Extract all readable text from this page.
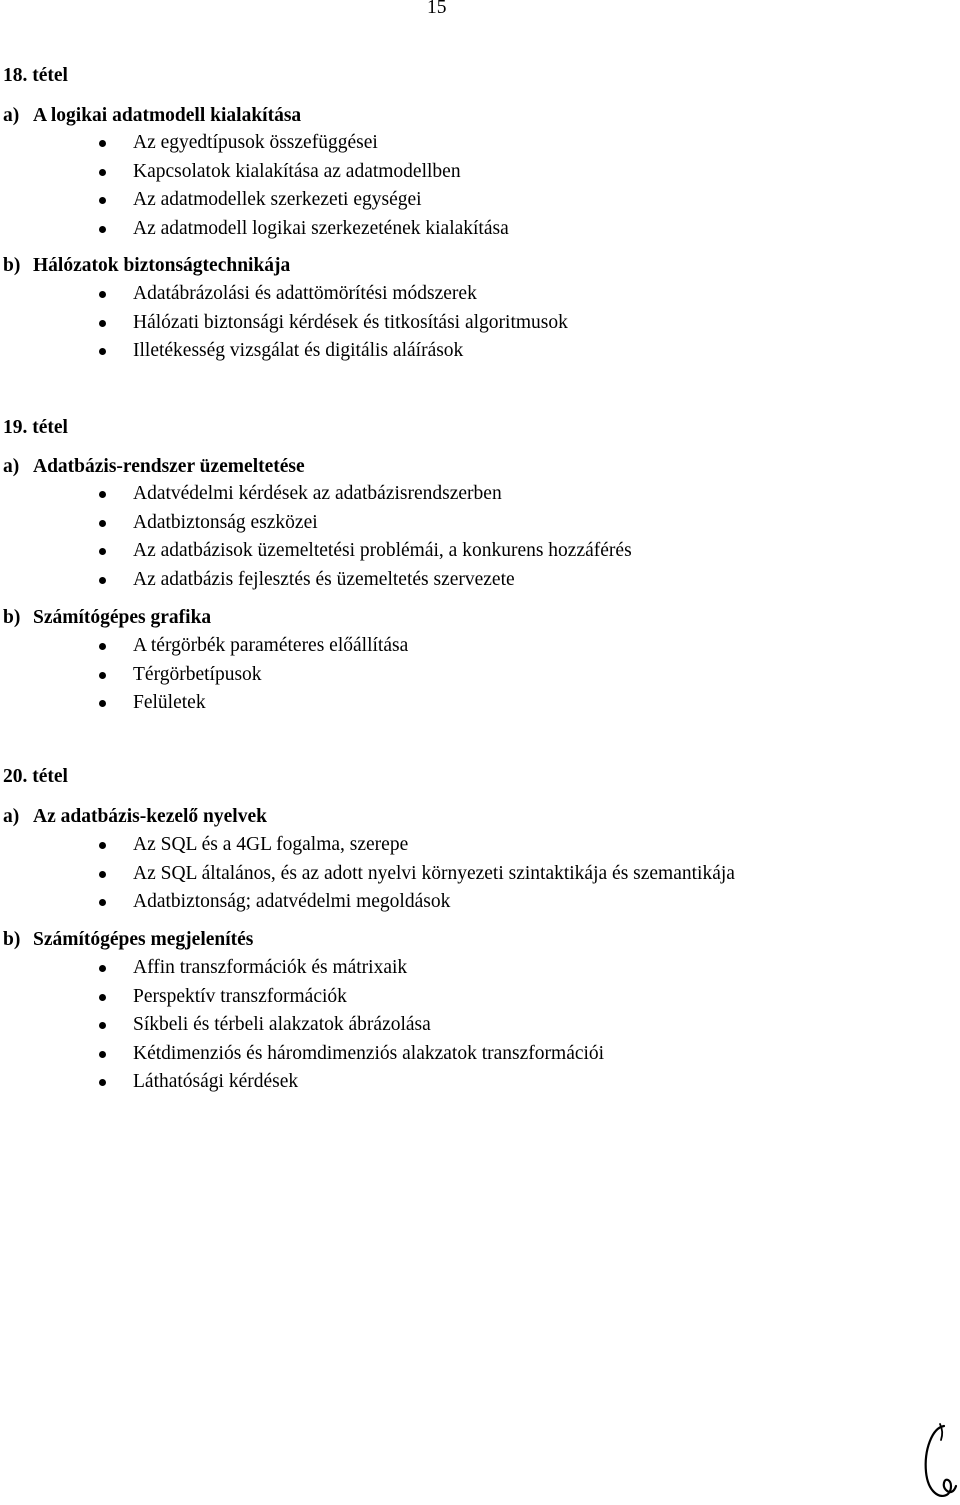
15
18. tétel
a) A logikai adatmodell kialakítása
Az egyedtípusok összefüggései
Kapcsolatok kialakítása az adatmodellben
Az adatmodellek szerkezeti egységei
Az adatmodell logikai szerkezetének kialakítása
b) Hálózatok biztonságtechnikája
Adatábrázolási és adattömörítési módszerek
Hálózati biztonsági kérdések és titkosítási algoritmusok
Illetékesség vizsgálat és digitális aláírások
19. tétel
a) Adatbázis-rendszer üzemeltetése
Adatvédelmi kérdések az adatbázisrendszerben
Adatbiztonság eszközei
Az adatbázisok üzemeltetési problémái, a konkurens hozzáférés
Az adatbázis fejlesztés és üzemeltetés szervezete
b) Számítógépes grafika
A térgörbék paraméteres előállítása
Térgörbetípusok
Felületek
20. tétel
a) Az adatbázis-kezelő nyelvek
Az SQL és a 4GL fogalma, szerepe
Az SQL általános, és az adott nyelvi környezeti szintaktikája és szemantikája
Adatbiztonság; adatvédelmi megoldások
b) Számítógépes megjelenítés
Affin transzformációk és mátrixaik
Perspektív transzformációk
Síkbeli és térbeli alakzatok ábrázolása
Kétdimenziós és háromdimenziós alakzatok transzformációi
Láthatósági kérdések
